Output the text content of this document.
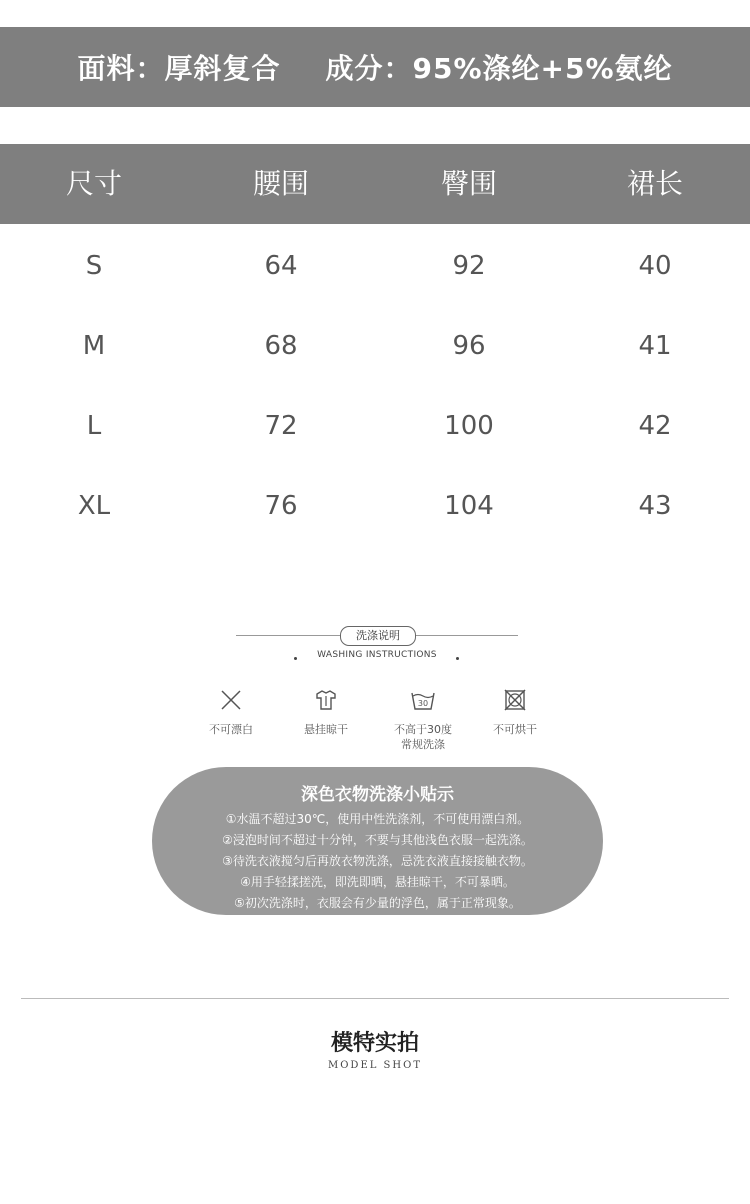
面料：厚斜复合 成分：95%涤纶+5%氨纶
尺寸	腰围	臀围	裙长
S	64	92	40
M	68	96	41
L	72	100	42
XL	76	104	43
洗涤说明
WASHING INSTRUCTIONS
不可漂白	悬挂晾干
30
不高于30度
常规洗涤
不可烘干
深色衣物洗涤小贴示
①水温不超过30℃，使用中性洗涤剂，不可使用漂白剂。
②浸泡时间不超过十分钟，不要与其他浅色衣服一起洗涤。
③待洗衣液搅匀后再放衣物洗涤，忌洗衣液直接接触衣物。
④用手轻揉搓洗，即洗即晒，悬挂晾干，不可暴晒。
⑤初次洗涤时，衣服会有少量的浮色，属于正常现象。
模特实拍
MODEL SHOT
